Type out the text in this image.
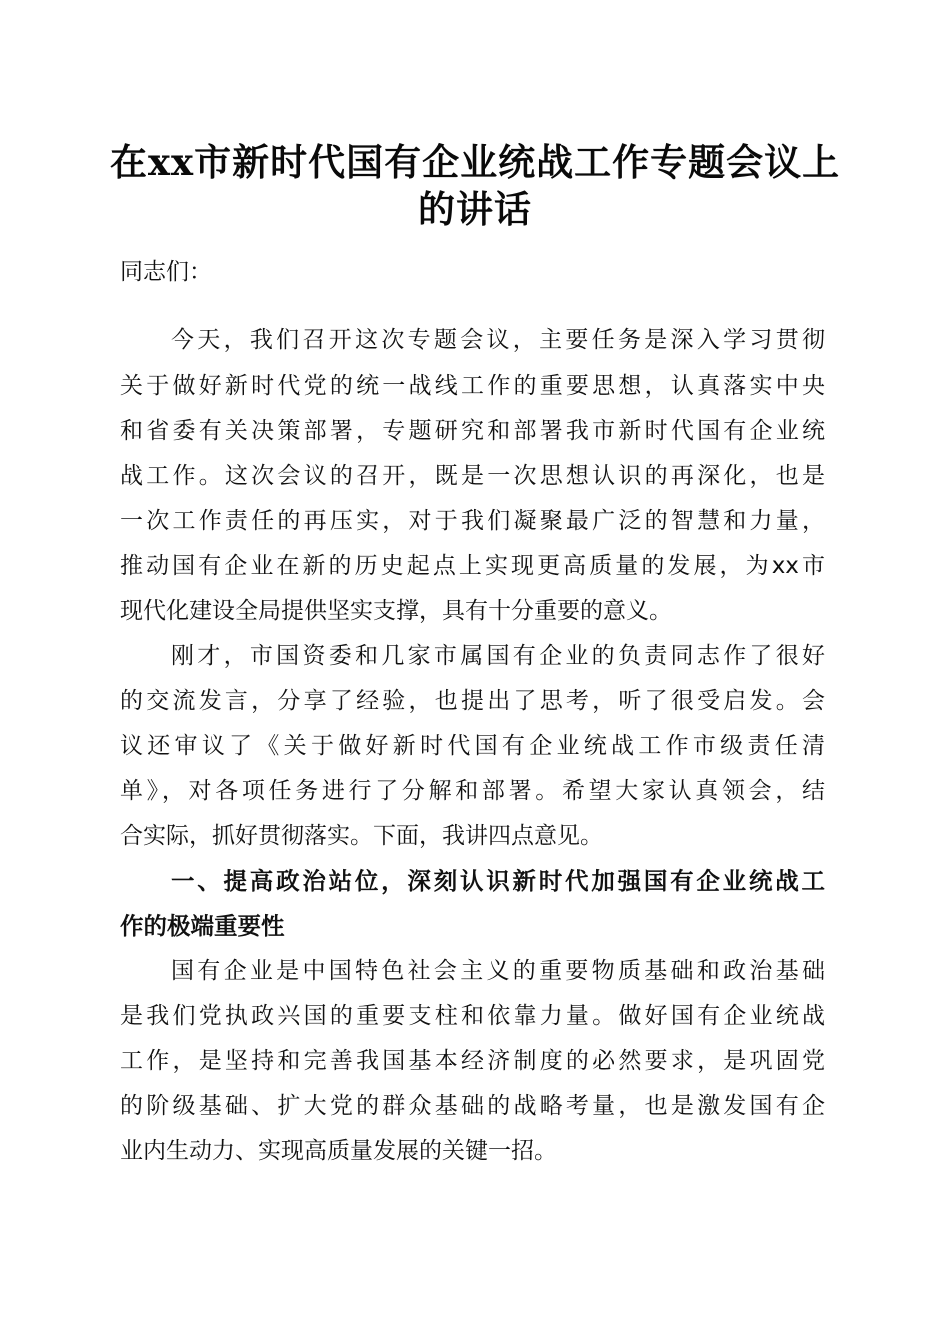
在xx市新时代国有企业统战工作专题会议上
的讲话
同志们：
今天，我们召开这次专题会议，主要任务是深入学习贯彻
关于做好新时代党的统一战线工作的重要思想，认真落实中央
和省委有关决策部署，专题研究和部署我市新时代国有企业统
战工作。这次会议的召开，既是一次思想认识的再深化，也是
一次工作责任的再压实，对于我们凝聚最广泛的智慧和力量，
推动国有企业在新的历史起点上实现更高质量的发展，为xx市
现代化建设全局提供坚实支撑，具有十分重要的意义。
刚才，市国资委和几家市属国有企业的负责同志作了很好
的交流发言，分享了经验，也提出了思考，听了很受启发。会
议还审议了《关于做好新时代国有企业统战工作市级责任清
单》，对各项任务进行了分解和部署。希望大家认真领会，结
合实际，抓好贯彻落实。下面，我讲四点意见。
一、提高政治站位，深刻认识新时代加强国有企业统战工
作的极端重要性
国有企业是中国特色社会主义的重要物质基础和政治基础
是我们党执政兴国的重要支柱和依靠力量。做好国有企业统战
工作，是坚持和完善我国基本经济制度的必然要求，是巩固党
的阶级基础、扩大党的群众基础的战略考量，也是激发国有企
业内生动力、实现高质量发展的关键一招。
